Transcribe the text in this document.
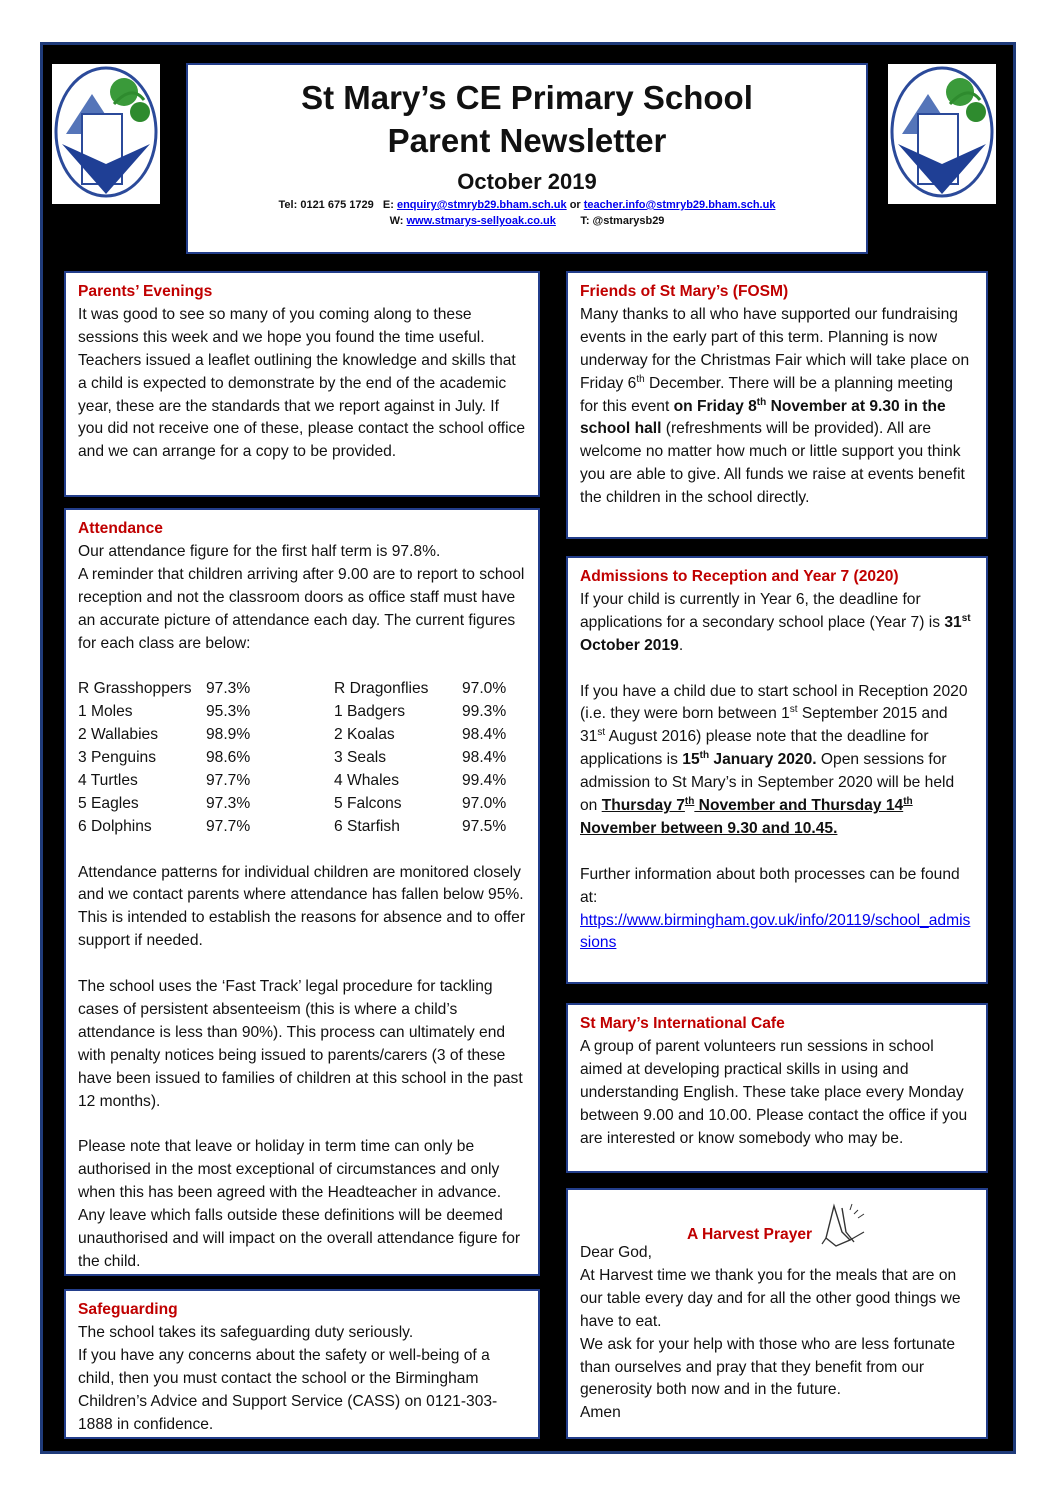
St Mary’s CE Primary School
Parent Newsletter
October 2019
Tel: 0121 675 1729 E: enquiry@stmryb29.bham.sch.uk or teacher.info@stmryb29.bham.sch.uk
W: www.stmarys-sellyoak.co.uk T: @stmarysb29

Parents’ Evenings

It was good to see so many of you coming along to these sessions this week and we hope you found the time useful. Teachers issued a leaflet outlining the knowledge and skills that a child is expected to demonstrate by the end of the academic year, these are the standards that we report against in July. If you did not receive one of these, please contact the school office and we can arrange for a copy to be provided.

Attendance

Our attendance figure for the first half term is 97.8%.

A reminder that children arriving after 9.00 are to report to school reception and not the classroom doors as office staff must have an accurate picture of attendance each day. The current figures for each class are below:

R Grasshoppers	97.3%	R Dragonflies	97.0%
1 Moles	95.3%	1 Badgers	99.3%
2 Wallabies	98.9%	2 Koalas	98.4%
3 Penguins	98.6%	3 Seals	98.4%
4 Turtles	97.7%	4 Whales	99.4%
5 Eagles	97.3%	5 Falcons	97.0%
6 Dolphins	97.7%	6 Starfish	97.5%

Attendance patterns for individual children are monitored closely and we contact parents where attendance has fallen below 95%. This is intended to establish the reasons for absence and to offer support if needed.

The school uses the ‘Fast Track’ legal procedure for tackling cases of persistent absenteeism (this is where a child’s attendance is less than 90%). This process can ultimately end with penalty notices being issued to parents/carers (3 of these have been issued to families of children at this school in the past 12 months).

Please note that leave or holiday in term time can only be authorised in the most exceptional of circumstances and only when this has been agreed with the Headteacher in advance. Any leave which falls outside these definitions will be deemed unauthorised and will impact on the overall attendance figure for the child.

Safeguarding

The school takes its safeguarding duty seriously.

If you have any concerns about the safety or well-being of a child, then you must contact the school or the Birmingham Children’s Advice and Support Service (CASS) on 0121-303-1888 in confidence.

Friends of St Mary’s (FOSM)

Many thanks to all who have supported our fundraising events in the early part of this term. Planning is now underway for the Christmas Fair which will take place on Friday 6th December. There will be a planning meeting for this event on Friday 8th November at 9.30 in the school hall (refreshments will be provided). All are welcome no matter how much or little support you think you are able to give. All funds we raise at events benefit the children in the school directly.

Admissions to Reception and Year 7 (2020)

If your child is currently in Year 6, the deadline for applications for a secondary school place (Year 7) is 31st October 2019.

If you have a child due to start school in Reception 2020 (i.e. they were born between 1st September 2015 and 31st August 2016) please note that the deadline for applications is 15th January 2020. Open sessions for admission to St Mary’s in September 2020 will be held on Thursday 7th November and Thursday 14th November between 9.30 and 10.45.

Further information about both processes can be found at:

https://www.birmingham.gov.uk/info/20119/school_admissions

St Mary’s International Cafe

A group of parent volunteers run sessions in school aimed at developing practical skills in using and understanding English. These take place every Monday between 9.00 and 10.00. Please contact the office if you are interested or know somebody who may be.

A Harvest Prayer

Dear God,

At Harvest time we thank you for the meals that are on our table every day and for all the other good things we have to eat.

We ask for your help with those who are less fortunate than ourselves and pray that they benefit from our generosity both now and in the future.

Amen
